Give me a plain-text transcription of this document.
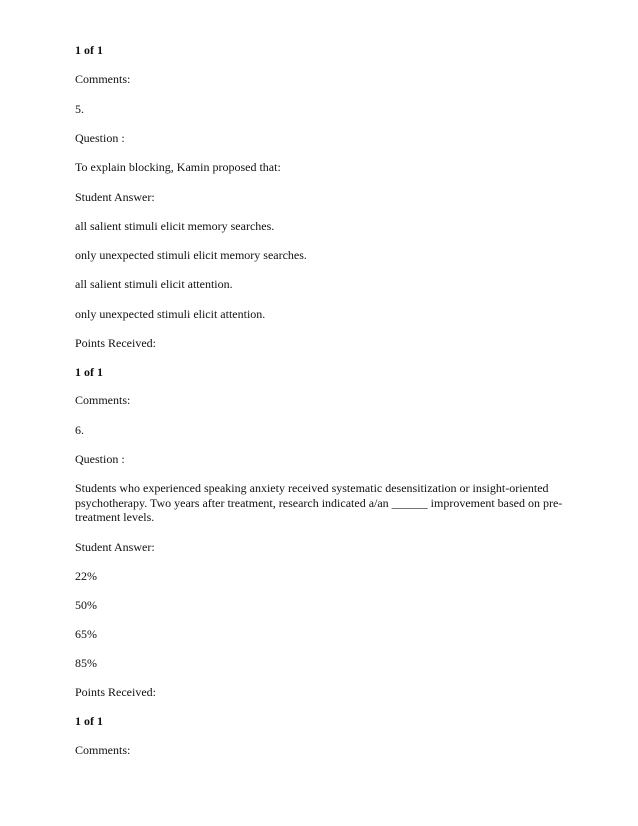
1 of 1
Comments:
5.
Question :
To explain blocking, Kamin proposed that:
Student Answer:
all salient stimuli elicit memory searches.
only unexpected stimuli elicit memory searches.
all salient stimuli elicit attention.
only unexpected stimuli elicit attention.
Points Received:
1 of 1
Comments:
6.
Question :
Students who experienced speaking anxiety received systematic desensitization or insight-oriented psychotherapy. Two years after treatment, research indicated a/an ______ improvement based on pre-treatment levels.
Student Answer:
22%
50%
65%
85%
Points Received:
1 of 1
Comments:
